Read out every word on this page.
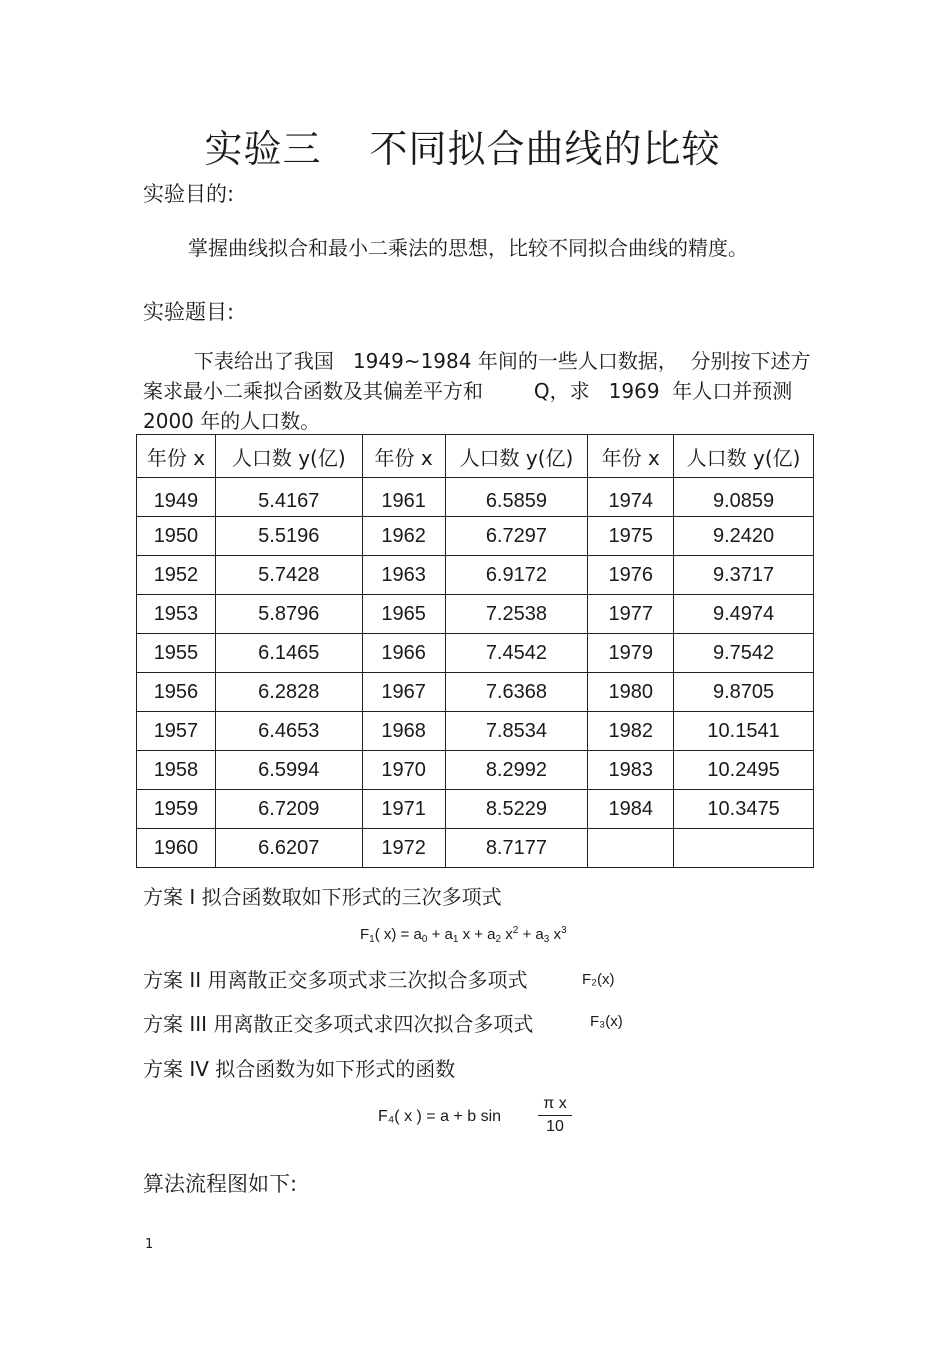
实验三 不同拟合曲线的比较
实验目的:
掌握曲线拟合和最小二乘法的思想，比较不同拟合曲线的精度。
实验题目:
下表给出了我国   1949~1984 年间的一些人口数据，  分别按下述方
案求最小二乘拟合函数及其偏差平方和        Q，求   1969  年人口并预测
2000 年的人口数。
年份 x	人口数 y(亿)	年份 x	人口数 y(亿)	年份 x	人口数 y(亿)
1949	5.4167	1961	6.5859	1974	9.0859
1950	5.5196	1962	6.7297	1975	9.2420
1952	5.7428	1963	6.9172	1976	9.3717
1953	5.8796	1965	7.2538	1977	9.4974
1955	6.1465	1966	7.4542	1979	9.7542
1956	6.2828	1967	7.6368	1980	9.8705
1957	6.4653	1968	7.8534	1982	10.1541
1958	6.5994	1970	8.2992	1983	10.2495
1959	6.7209	1971	8.5229	1984	10.3475
1960	6.6207	1972	8.7177		
方案 I 拟合函数取如下形式的三次多项式
$F_1$( $x) = a_0 + a_1$ $x + a_2$ $x^2 + a_3$ $x^3$
方案 II 用离散正交多项式求三次拟合多项式	F₂(x)
方案 III 用离散正交多项式求四次拟合多项式	F₃(x)
方案 IV 拟合函数为如下形式的函数
F₄( x ) = a + b sin
π x
10
算法流程图如下:
1
